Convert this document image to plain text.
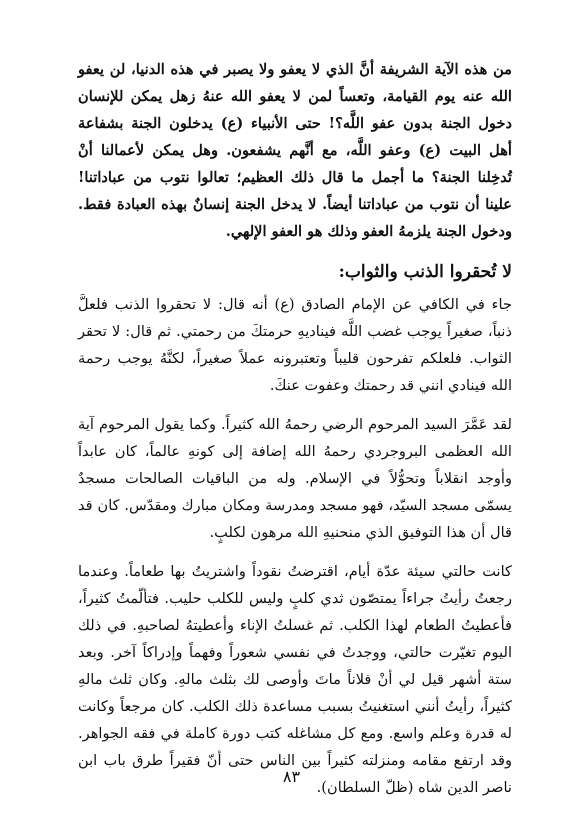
من هذه الآية الشريفة أنَّ الذي لا يعفو ولا يصبر في هذه الدنيا، لن يعفو الله عنه يوم القيامة، وتعساً لمن لا يعفو الله عنهُ زهل يمكن للإنسان دخول الجنة بدون عفو اللَّه؟! حتى الأنبياء (ع) يدخلون الجنة بشفاعة أهل البيت (ع) وعفو اللَّه، مع أنَّهم يشفعون. وهل يمكن لأعمالنا أنْ تُدخِلنا الجنة؟ ما أجمل ما قال ذلك العظيم؛ تعالوا نتوب من عباداتنا! علينا أن نتوب من عباداتنا أيضاً. لا يدخل الجنة إنسانٌ بهذه العبادة فقط. ودخول الجنة يلزمهُ العفو وذلك هو العفو الإلهي.

لا تُحقروا الذنب والثواب:

جاء في الكافي عن الإمام الصادق (ع) أنه قال: لا تحقروا الذنب فلعلَّ ذنباً، صغيراً يوجب غضب اللَّه فيناديهِ حرمتكَ من رحمتي. ثم قال: لا تحقر الثواب. فلعلكم تفرحون قليباً وتعتبرونه عملاً صغيراً، لكنَّهُ يوجب رحمة الله فينادي انني قد رحمتك وعفوت عنكَ.

لقد عَمَّرَ السيد المرحوم الرضي رحمهُ الله كثيراً. وكما يقول المرحوم آية الله العظمى البروجردي رحمهُ الله إضافة إلى كونهِ عالماً، كان عابداً وأوجد انقلاباً وتحوُّلاً في الإسلام. وله من الباقيات الصالحات مسجدٌ يسمّى مسجد السيّد، فهو مسجد ومدرسة ومكان مبارك ومقدّس. كان قد قال أن هذا التوفيق الذي منحنيهِ الله مرهون لكلبٍ.

كانت حالتي سيئة عدّة أيام، اقترضتُ نقوداً واشتريتُ بها طعاماً. وعندما رجعتُ رأيتُ جراءاً يمتصّون ثدي كلبٍ وليس للكلب حليب. فتألّمتُ كثيراً، فأعطيتُ الطعام لهذا الكلب. ثم غسلتُ الإناء وأعطيتهُ لصاحبهِ. في ذلك اليوم تغيّرت حالتي، ووجدتُ في نفسي شعوراً وفهماً وإدراكاً آخر. وبعد ستة أشهر قيل لي أنْ فلاناً ماتَ وأوصى لك بثلث مالهِ. وكان ثلث مالهِ كثيراً، رأيتُ أنني استغنيتُ بسبب مساعدة ذلك الكلب. كان مرجعاً وكانت له قدرة وعلم واسع. ومع كل مشاغله كتب دورة كاملة في فقه الجواهر. وقد ارتفع مقامه ومنزلته كثيراً بين الناس حتى أنّ فقيراً طرق باب ابن ناصر الدين شاه (ظلّ السلطان).

٨٣
